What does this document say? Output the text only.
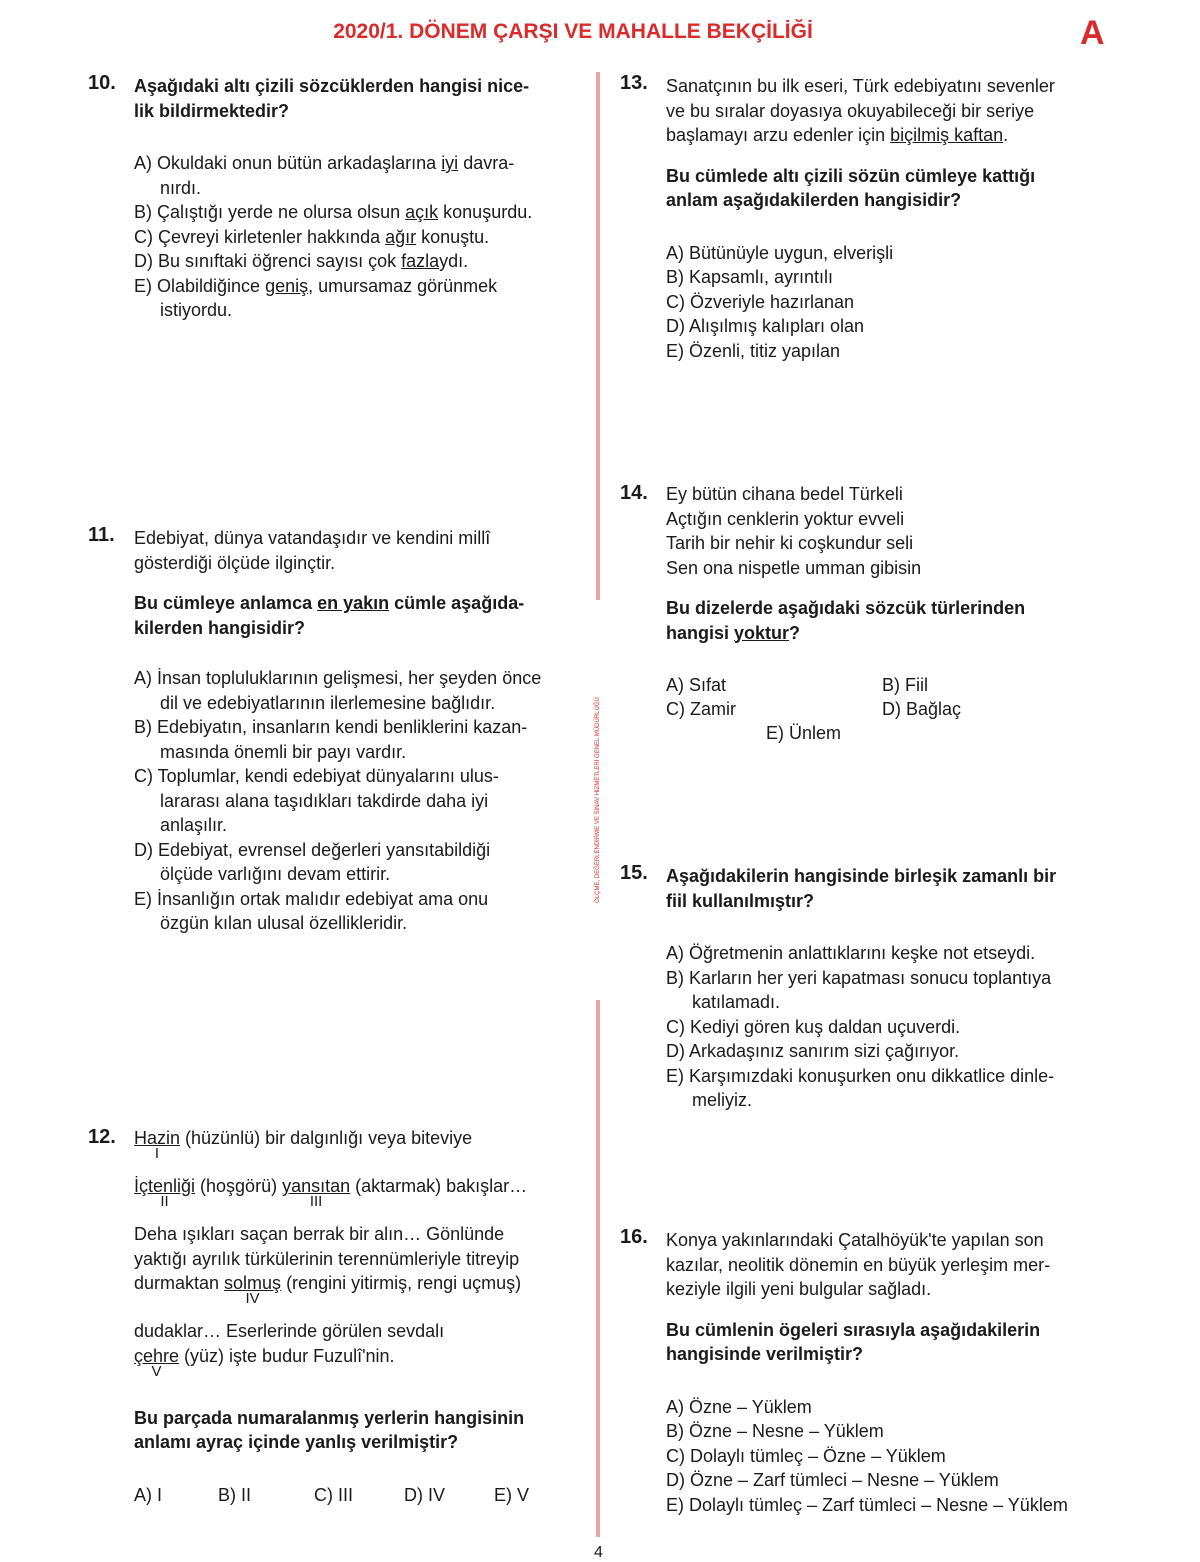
2020/1. DÖNEM ÇARŞI VE MAHALLE BEKÇİLİĞİ	A
ÖLÇME, DEĞERLENDİRME VE SINAV HİZMETLERİ GENEL MÜDÜRLÜĞÜ
10. Aşağıdaki altı çizili sözcüklerden hangisi nice-
lik bildirmektedir?
A) Okuldaki onun bütün arkadaşlarına iyi davra-
nırdı.
B) Çalıştığı yerde ne olursa olsun açık konuşurdu.
C) Çevreyi kirletenler hakkında ağır konuştu.
D) Bu sınıftaki öğrenci sayısı çok fazlaydı.
E) Olabildiğince geniş, umursamaz görünmek
istiyordu.
11. Edebiyat, dünya vatandaşıdır ve kendini millî
gösterdiği ölçüde ilginçtir.
Bu cümleye anlamca en yakın cümle aşağıda-
kilerden hangisidir?
A) İnsan topluluklarının gelişmesi, her şeyden önce
dil ve edebiyatlarının ilerlemesine bağlıdır.
B) Edebiyatın, insanların kendi benliklerini kazan-
masında önemli bir payı vardır.
C) Toplumlar, kendi edebiyat dünyalarını ulus-
lararası alana taşıdıkları takdirde daha iyi
anlaşılır.
D) Edebiyat, evrensel değerleri yansıtabildiği
ölçüde varlığını devam ettirir.
E) İnsanlığın ortak malıdır edebiyat ama onu
özgün kılan ulusal özellikleridir.
12. Hazin
I
(hüzünlü) bir dalgınlığı veya biteviye
İçtenliği
II
(hoşgörü) yansıtan
III
(aktarmak) bakışlar…
Deha ışıkları saçan berrak bir alın… Gönlünde
yaktığı ayrılık türkülerinin terennümleriyle titreyip
durmaktan solmuş
IV
(rengini yitirmiş, rengi uçmuş)
dudaklar… Eserlerinde görülen sevdalı
çehre
V
(yüz) işte budur Fuzulî'nin.
Bu parçada numaralanmış yerlerin hangisinin
anlamı ayraç içinde yanlış verilmiştir?
A) I	B) II	C) III	D) IV	E) V
13. Sanatçının bu ilk eseri, Türk edebiyatını sevenler
ve bu sıralar doyasıya okuyabileceği bir seriye
başlamayı arzu edenler için biçilmiş kaftan.
Bu cümlede altı çizili sözün cümleye kattığı
anlam aşağıdakilerden hangisidir?
A) Bütünüyle uygun, elverişli
B) Kapsamlı, ayrıntılı
C) Özveriyle hazırlanan
D) Alışılmış kalıpları olan
E) Özenli, titiz yapılan
14. Ey bütün cihana bedel Türkeli
Açtığın cenklerin yoktur evveli
Tarih bir nehir ki coşkundur seli
Sen ona nispetle umman gibisin
Bu dizelerde aşağıdaki sözcük türlerinden
hangisi yoktur?
A) Sıfat	B) Fiil
C) Zamir	D) Bağlaç
E) Ünlem
15. Aşağıdakilerin hangisinde birleşik zamanlı bir
fiil kullanılmıştır?
A) Öğretmenin anlattıklarını keşke not etseydi.
B) Karların her yeri kapatması sonucu toplantıya
katılamadı.
C) Kediyi gören kuş daldan uçuverdi.
D) Arkadaşınız sanırım sizi çağırıyor.
E) Karşımızdaki konuşurken onu dikkatlice dinle-
meliyiz.
16. Konya yakınlarındaki Çatalhöyük'te yapılan son
kazılar, neolitik dönemin en büyük yerleşim mer-
keziyle ilgili yeni bulgular sağladı.
Bu cümlenin ögeleri sırasıyla aşağıdakilerin
hangisinde verilmiştir?
A) Özne – Yüklem
B) Özne – Nesne – Yüklem
C) Dolaylı tümleç – Özne – Yüklem
D) Özne – Zarf tümleci – Nesne – Yüklem
E) Dolaylı tümleç – Zarf tümleci – Nesne – Yüklem
4
